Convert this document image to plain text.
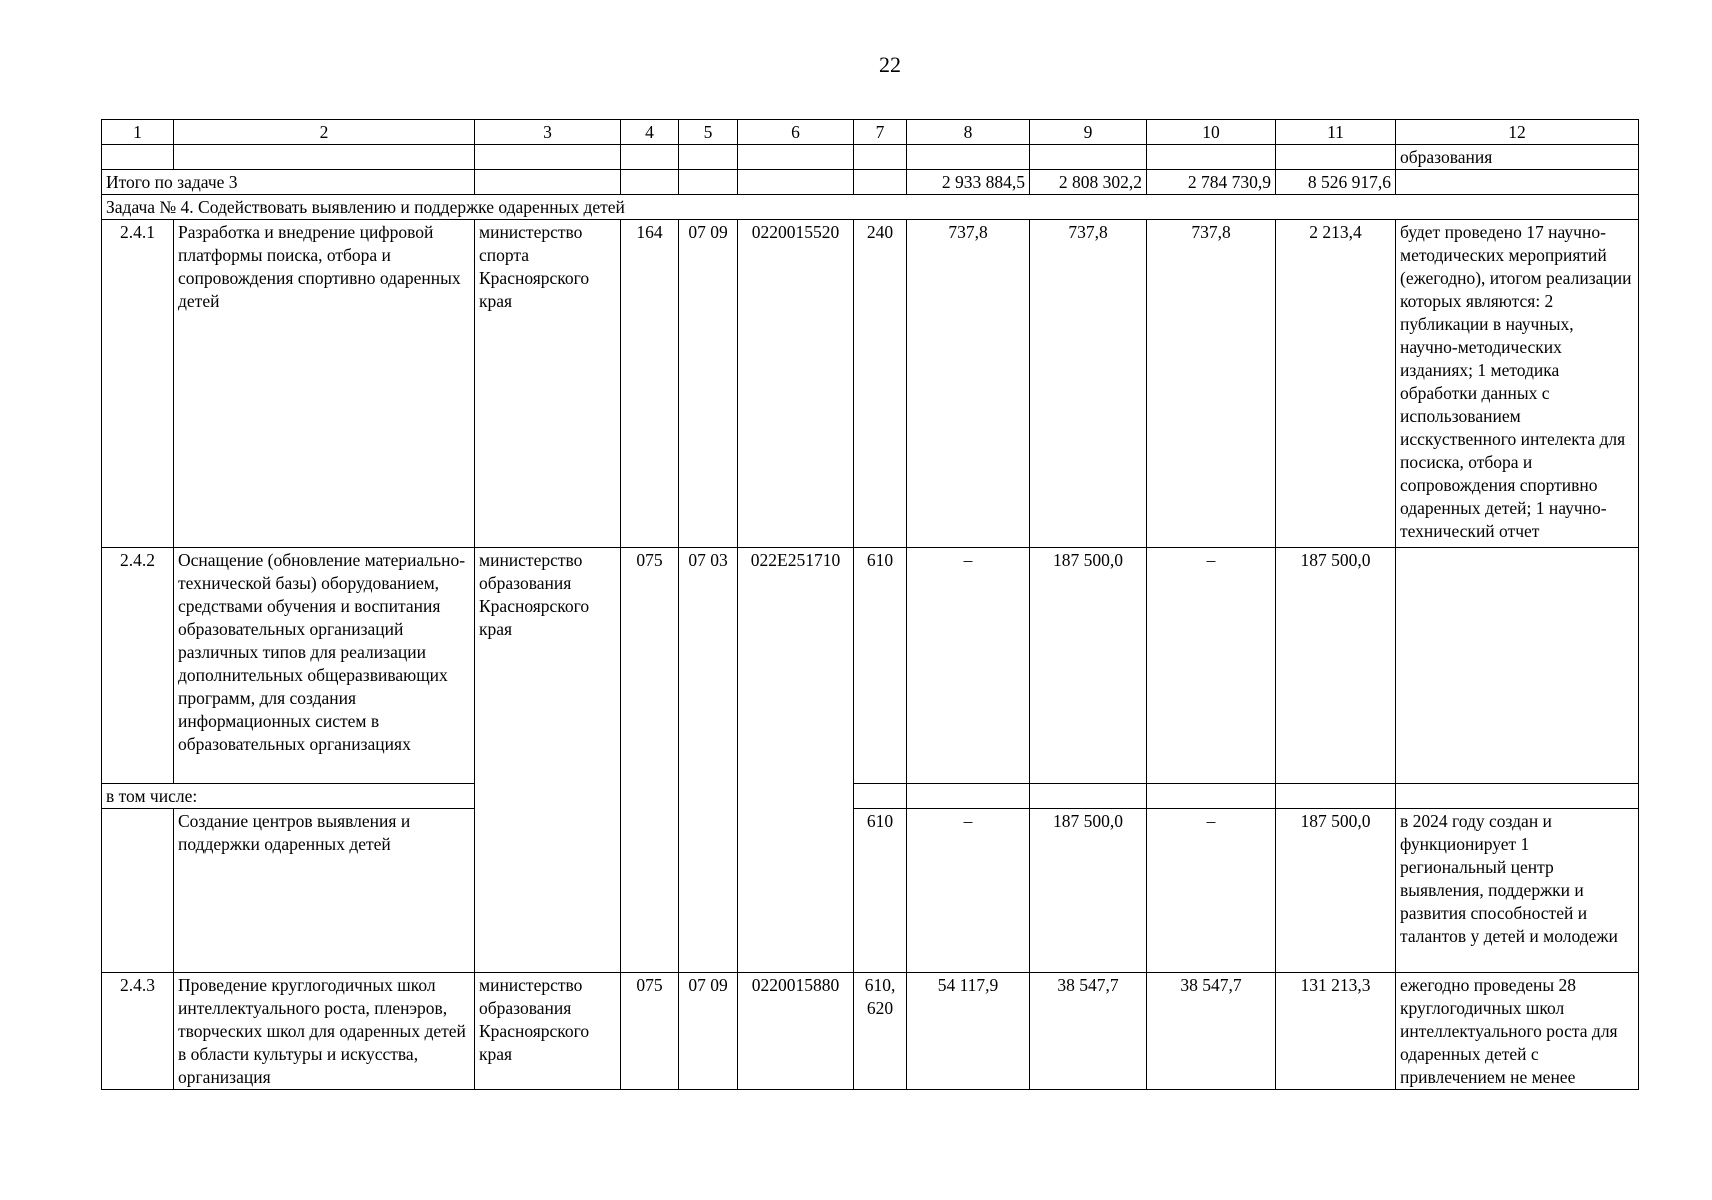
22
1	2	3	4	5	6	7	8	9	10	11	12
											образования
Итого по задаче 3							2 933 884,5	2 808 302,2	2 784 730,9	8 526 917,6	
Задача № 4. Содействовать выявлению и поддержке одаренных детей											
2.4.1	Разработка и внедрение цифровой платформы поиска, отбора и сопровождения спортивно одаренных детей	министерство спорта Красноярского края	164	07 09	0220015520	240	737,8	737,8	737,8	2 213,4	будет проведено 17 научно-методических мероприятий (ежегодно), итогом реализации которых являются: 2 публикации в научных, научно-методических изданиях; 1 методика обработки данных с использованием исскуственного интелекта для посиска, отбора и сопровождения спортивно одаренных детей; 1 научно-технический отчет
2.4.2	Оснащение (обновление материально-технической базы) оборудованием, средствами обучения и воспитания образовательных организаций различных типов для реализации дополнительных общеразвивающих программ, для создания информационных систем в образовательных организациях	министерство образования Красноярского края	075	07 03	022E251710	610	–	187 500,0	–	187 500,0	
в том числе:											
	Создание центров выявления и поддержки одаренных детей					610	–	187 500,0	–	187 500,0	в 2024 году создан и функционирует 1 региональный центр выявления, поддержки и развития способностей и талантов у детей и молодежи
2.4.3	Проведение круглогодичных школ интеллектуального роста, пленэров, творческих школ для одаренных детей в области культуры и искусства, организация	министерство образования Красноярского края	075	07 09	0220015880	610, 620	54 117,9	38 547,7	38 547,7	131 213,3	ежегодно проведены 28 круглогодичных школ интеллектуального роста для одаренных детей с привлечением не менее
